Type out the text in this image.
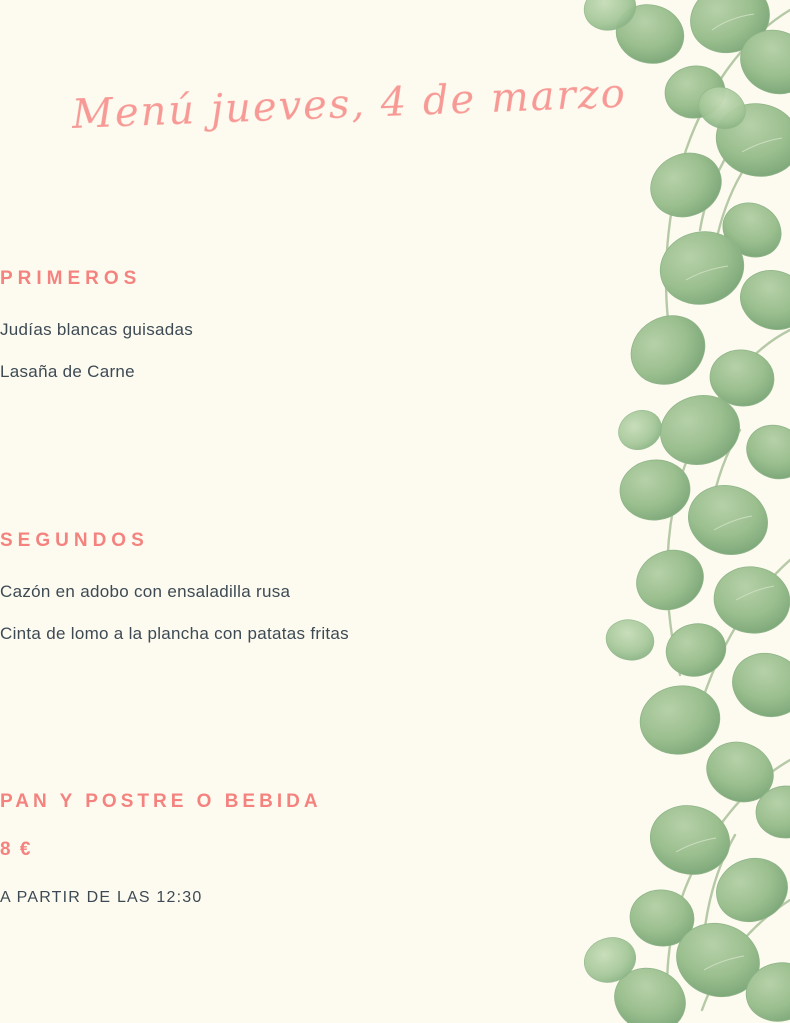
Menú jueves, 4 de marzo
PRIMEROS
Judías blancas guisadas
Lasaña de Carne
SEGUNDOS
Cazón en adobo con ensaladilla rusa
Cinta de lomo a la plancha con patatas fritas
PAN Y POSTRE O BEBIDA
8 €
A PARTIR DE LAS 12:30
